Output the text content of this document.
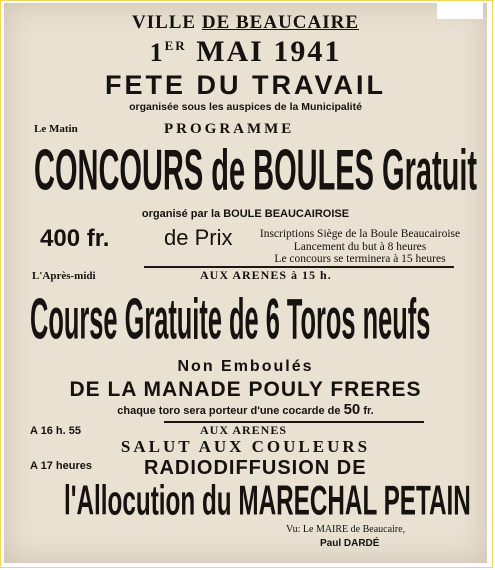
VILLE DE BEAUCAIRE
1ER MAI 1941
FETE DU TRAVAIL
organisée sous les auspices de la Municipalité
Le Matin	PROGRAMME
CONCOURS de BOULES Gratuit
organisé par la BOULE BEAUCAIROISE
400 fr. de Prix	Inscriptions Siège de la Boule Beaucairoise
Lancement du but à 8 heures
Le concours se terminera à 15 heures
L'Après-midi	AUX ARENES à 15 h.
Course Gratuite de 6 Toros neufs
Non Emboulés
DE LA MANADE POULY FRERES
chaque toro sera porteur d'une cocarde de 50 fr.
A 16 h. 55	AUX ARENES
SALUT AUX COULEURS
A 17 heures	RADIODIFFUSION DE
l'Allocution du MARECHAL PETAIN
Vu: Le MAIRE de Beaucaire,
Paul DARDÉ
